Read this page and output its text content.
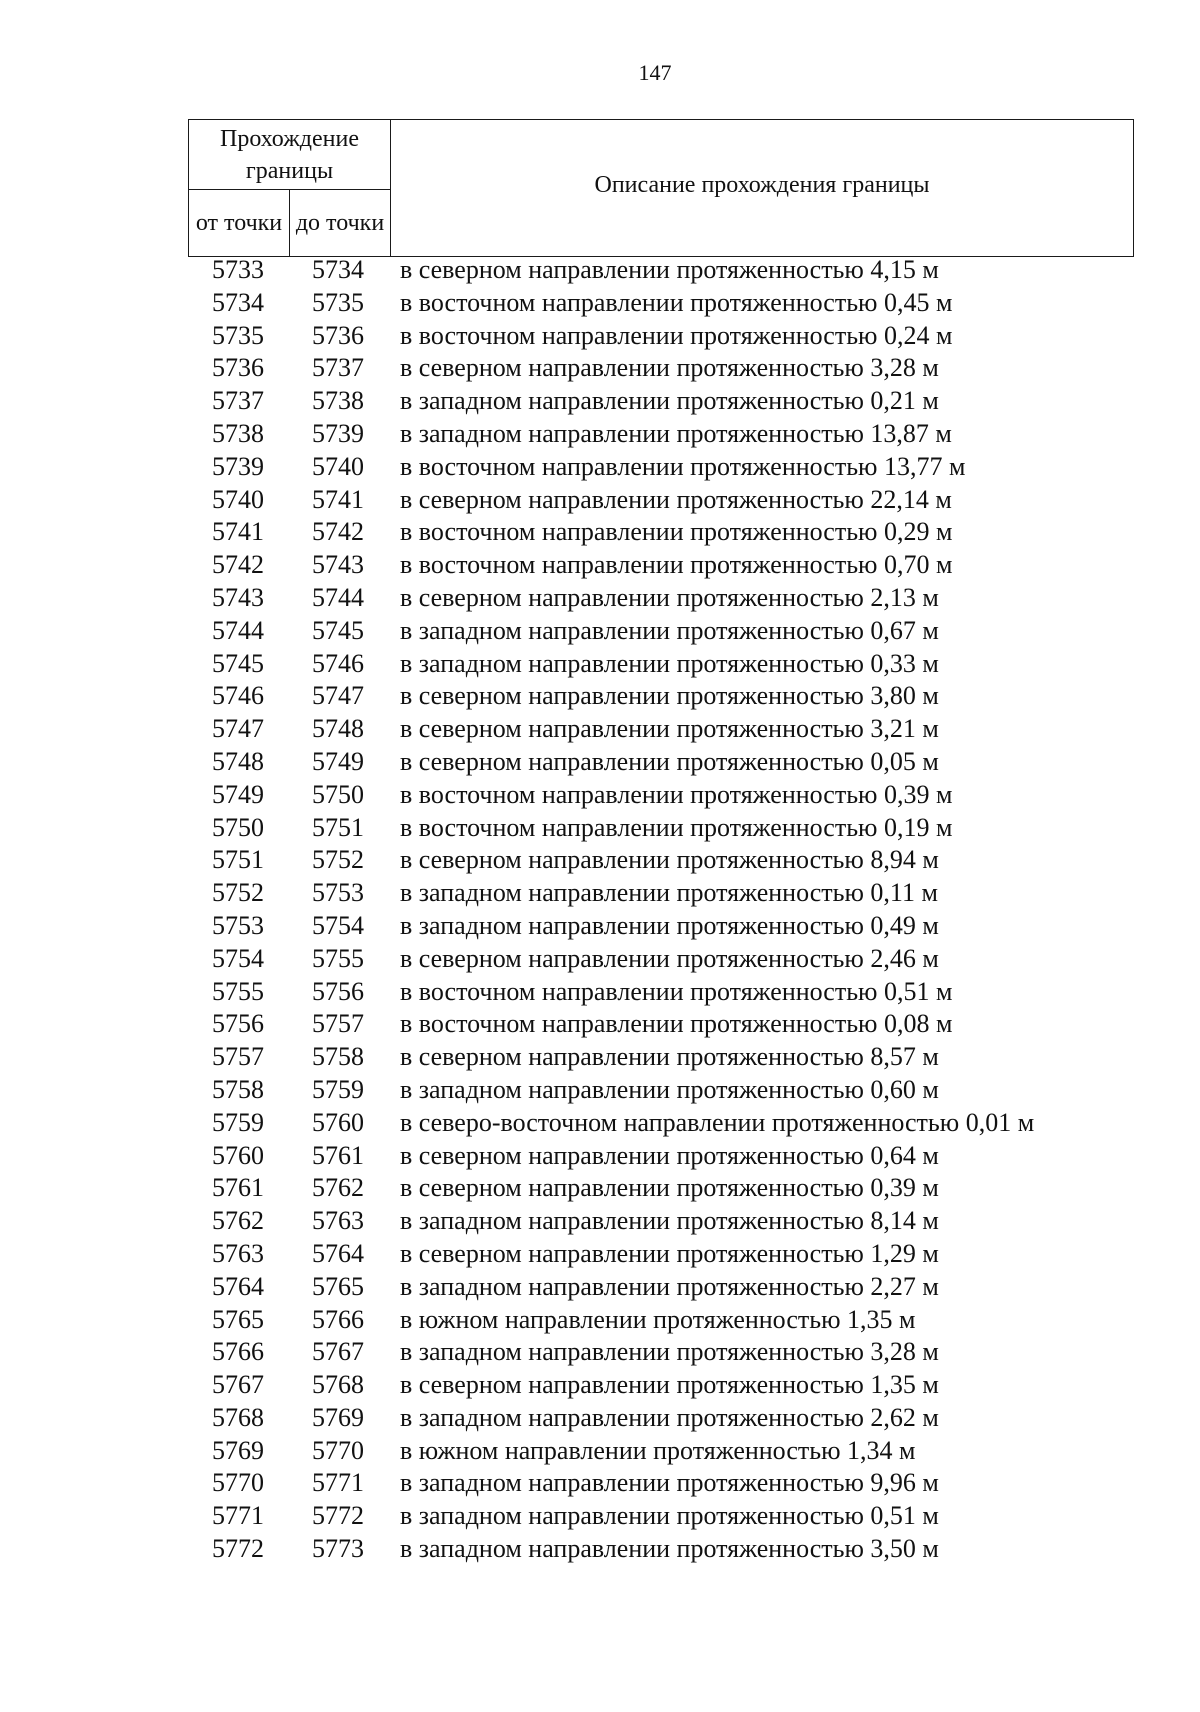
147
Прохождение границы		Описание прохождения границы
от точки	до точки	
5733	5734	в северном направлении протяженностью 4,15 м
5734	5735	в восточном направлении протяженностью 0,45 м
5735	5736	в восточном направлении протяженностью 0,24 м
5736	5737	в северном направлении протяженностью 3,28 м
5737	5738	в западном направлении протяженностью 0,21 м
5738	5739	в западном направлении протяженностью 13,87 м
5739	5740	в восточном направлении протяженностью 13,77 м
5740	5741	в северном направлении протяженностью 22,14 м
5741	5742	в восточном направлении протяженностью 0,29 м
5742	5743	в восточном направлении протяженностью 0,70 м
5743	5744	в северном направлении протяженностью 2,13 м
5744	5745	в западном направлении протяженностью 0,67 м
5745	5746	в западном направлении протяженностью 0,33 м
5746	5747	в северном направлении протяженностью 3,80 м
5747	5748	в северном направлении протяженностью 3,21 м
5748	5749	в северном направлении протяженностью 0,05 м
5749	5750	в восточном направлении протяженностью 0,39 м
5750	5751	в восточном направлении протяженностью 0,19 м
5751	5752	в северном направлении протяженностью 8,94 м
5752	5753	в западном направлении протяженностью 0,11 м
5753	5754	в западном направлении протяженностью 0,49 м
5754	5755	в северном направлении протяженностью 2,46 м
5755	5756	в восточном направлении протяженностью 0,51 м
5756	5757	в восточном направлении протяженностью 0,08 м
5757	5758	в северном направлении протяженностью 8,57 м
5758	5759	в западном направлении протяженностью 0,60 м
5759	5760	в северо-восточном направлении протяженностью 0,01 м
5760	5761	в северном направлении протяженностью 0,64 м
5761	5762	в северном направлении протяженностью 0,39 м
5762	5763	в западном направлении протяженностью 8,14 м
5763	5764	в северном направлении протяженностью 1,29 м
5764	5765	в западном направлении протяженностью 2,27 м
5765	5766	в южном направлении протяженностью 1,35 м
5766	5767	в западном направлении протяженностью 3,28 м
5767	5768	в северном направлении протяженностью 1,35 м
5768	5769	в западном направлении протяженностью 2,62 м
5769	5770	в южном направлении протяженностью 1,34 м
5770	5771	в западном направлении протяженностью 9,96 м
5771	5772	в западном направлении протяженностью 0,51 м
5772	5773	в западном направлении протяженностью 3,50 м
